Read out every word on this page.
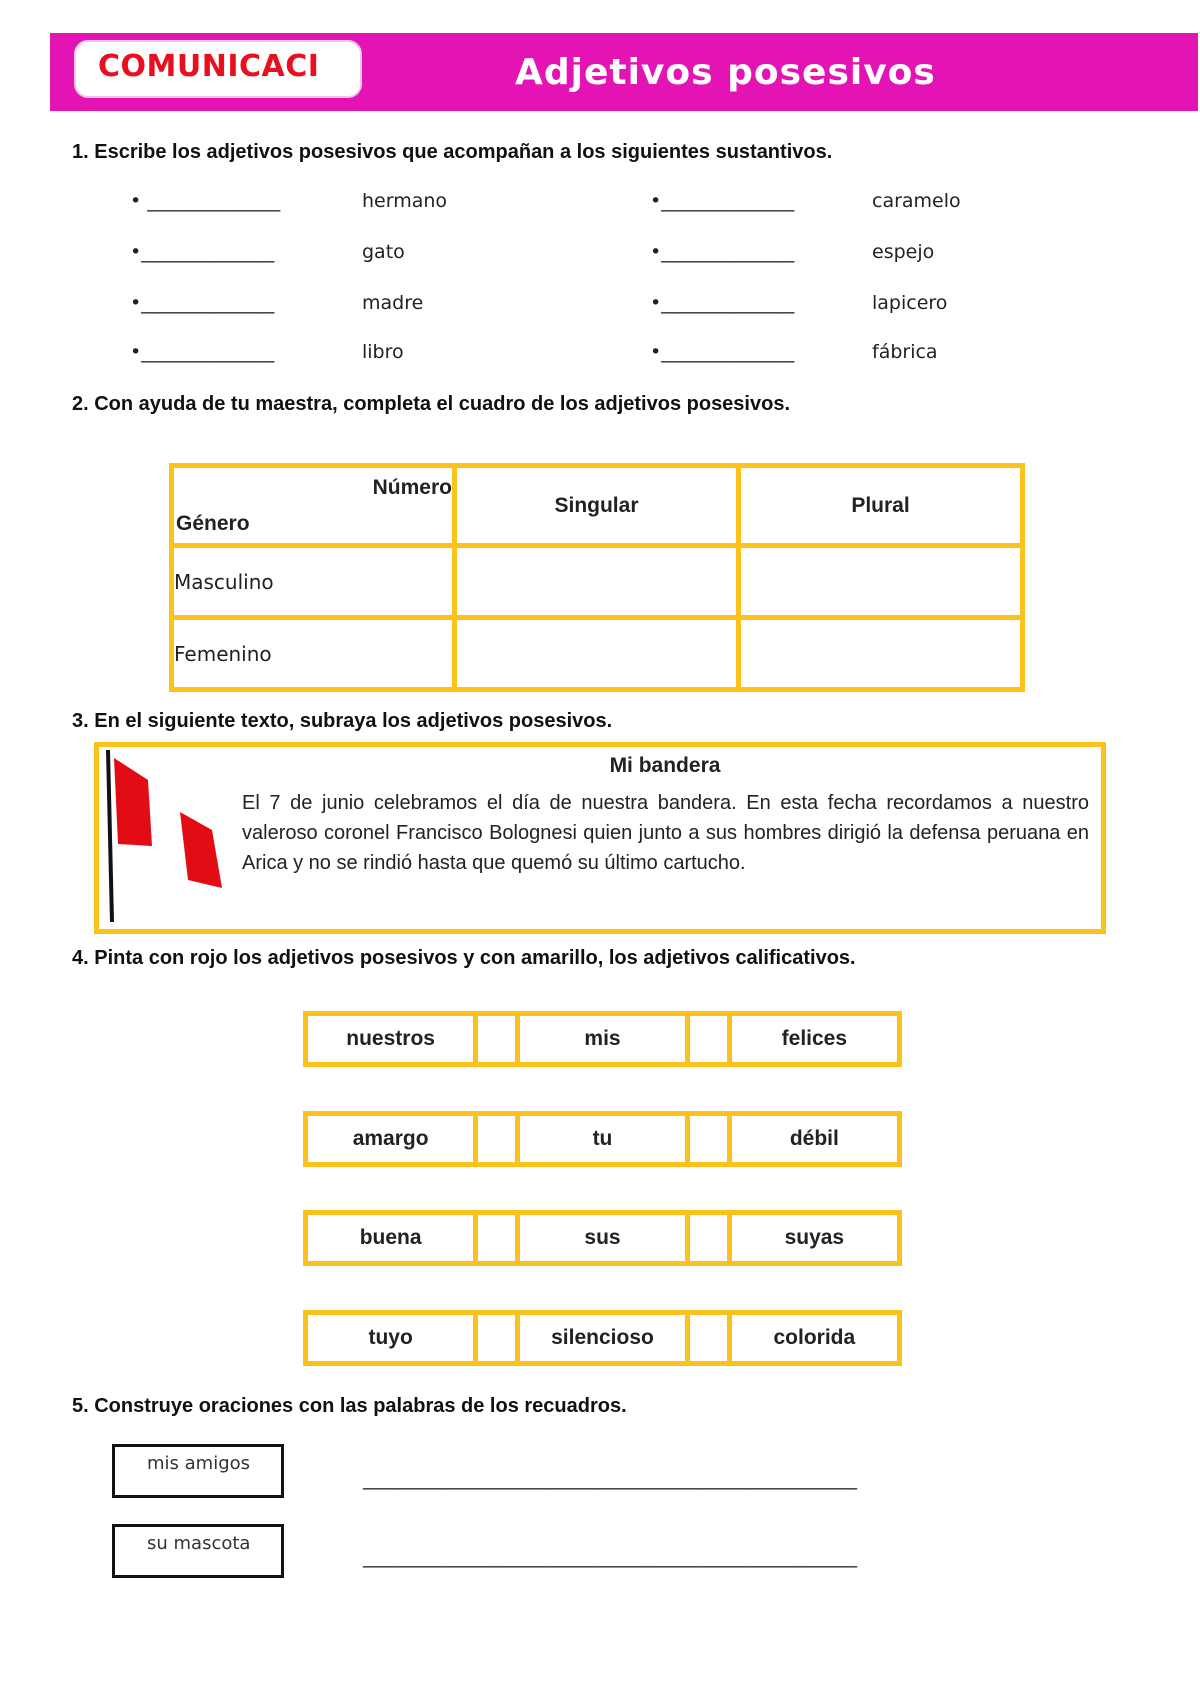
COMUNICACI	Adjetivos posesivos
1. Escribe los adjetivos posesivos que acompañan a los siguientes sustantivos.
• ______________	hermano
•______________	gato
•______________	madre
•______________	libro
•______________	caramelo
•______________	espejo
•______________	lapicero
•______________	fábrica
2. Con ayuda de tu maestra, completa el cuadro de los adjetivos posesivos.
Número
Género	Singular	Plural

Masculino		

Femenino		

3. En el siguiente texto, subraya los adjetivos posesivos.
Mi bandera
El 7 de junio celebramos el día de nuestra bandera. En esta fecha recordamos a nuestro valeroso coronel Francisco Bolognesi quien junto a sus hombres dirigió la defensa peruana en Arica y no se rindió hasta que quemó su último cartucho.
4. Pinta con rojo los adjetivos posesivos y con amarillo, los adjetivos calificativos.
nuestros	mis	felices
amargo	tu	débil
buena	sus	suyas
tuyo	silencioso	colorida
5. Construye oraciones con las palabras de los recuadros.
mis amigos
____________________________________________________
su mascota
____________________________________________________
